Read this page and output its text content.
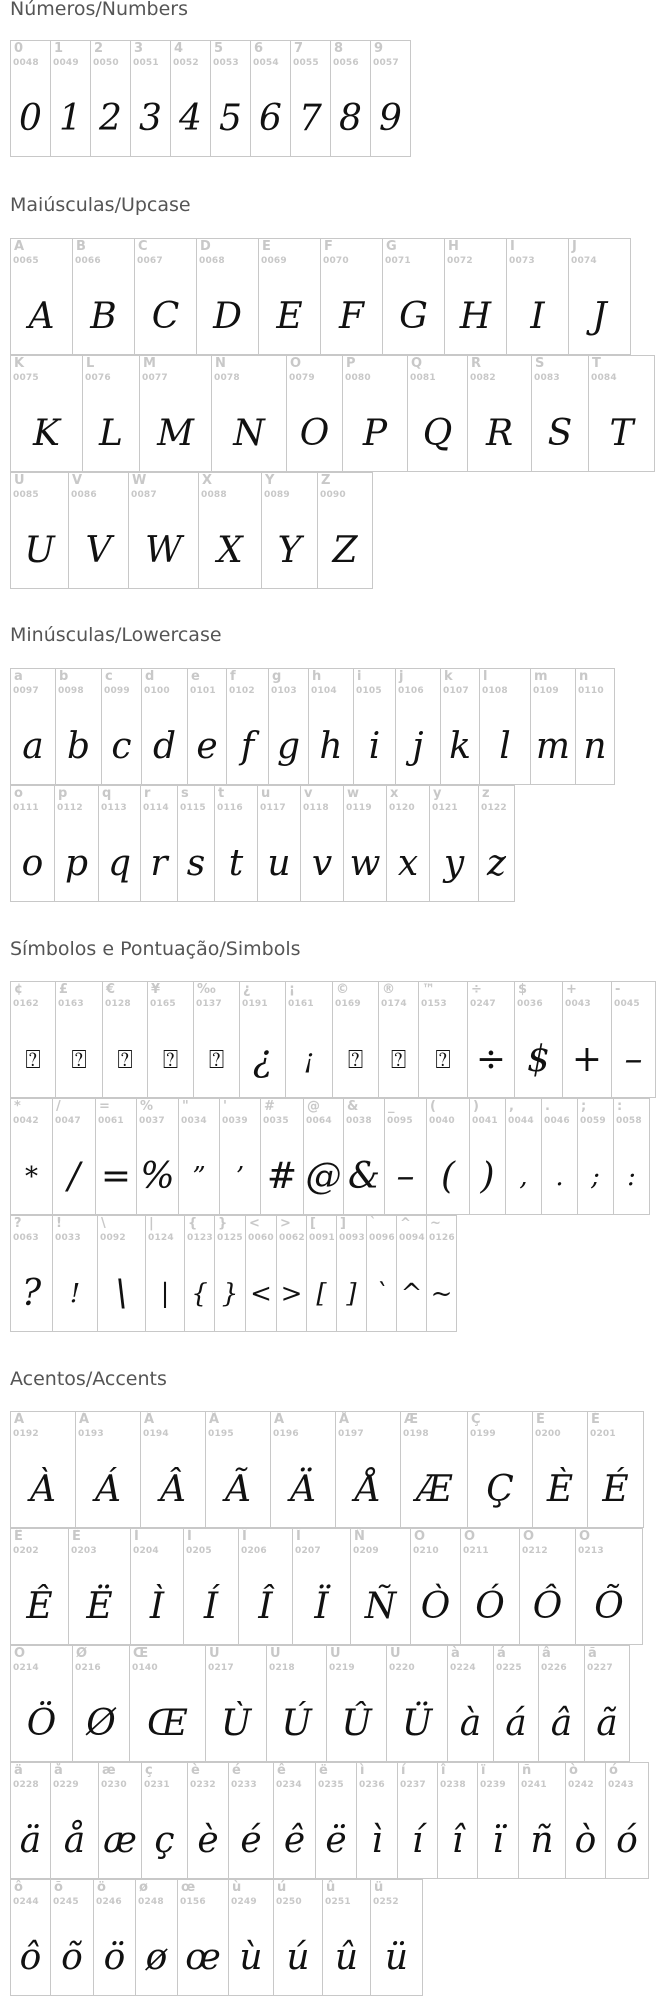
Números/Numbers
0
0048
0
1
0049
1
2
0050
2
3
0051
3
4
0052
4
5
0053
5
6
0054
6
7
0055
7
8
0056
8
9
0057
9
Maiúsculas/Upcase
A
0065
A
B
0066
B
C
0067
C
D
0068
D
E
0069
E
F
0070
F
G
0071
G
H
0072
H
I
0073
I
J
0074
J
K
0075
K
L
0076
L
M
0077
M
N
0078
N
O
0079
O
P
0080
P
Q
0081
Q
R
0082
R
S
0083
S
T
0084
T
U
0085
U
V
0086
V
W
0087
W
X
0088
X
Y
0089
Y
Z
0090
Z
Minúsculas/Lowercase
a
0097
a
b
0098
b
c
0099
c
d
0100
d
e
0101
e
f
0102
f
g
0103
g
h
0104
h
i
0105
i
j
0106
j
k
0107
k
l
0108
l
m
0109
m
n
0110
n
o
0111
o
p
0112
p
q
0113
q
r
0114
r
s
0115
s
t
0116
t
u
0117
u
v
0118
v
w
0119
w
x
0120
x
y
0121
y
z
0122
z
Símbolos e Pontuação/Simbols
¢
0162
⍰
£
0163
⍰
€
0128
⍰
¥
0165
⍰
‰
0137
⍰
¿
0191
¿
¡
0161
¡
©
0169
⍰
®
0174
⍰
™
0153
⍰
÷
0247
÷
$
0036
$
+
0043
+
-
0045
–
*
0042
*
/
0047
/
=
0061
=
%
0037
%
"
0034
”
'
0039
’
#
0035
#
@
0064
@
&
0038
&
_
0095
–
(
0040
(
)
0041
)
,
0044
,
.
0046
.
;
0059
;
:
0058
:
?
0063
?
!
0033
!
\
0092
\
|
0124
|
{
0123
{
}
0125
}
<
0060
<
>
0062
>
[
0091
[
]
0093
]
`
0096
`
^
0094
^
~
0126
~
Acentos/Accents
À
0192
À
Á
0193
Á
Â
0194
Â
Ã
0195
Ã
Ä
0196
Ä
Å
0197
Å
Æ
0198
Æ
Ç
0199
Ç
È
0200
È
É
0201
É
Ê
0202
Ê
Ë
0203
Ë
Ì
0204
Ì
Í
0205
Í
Î
0206
Î
Ï
0207
Ï
Ñ
0209
Ñ
Ò
0210
Ò
Ó
0211
Ó
Ô
0212
Ô
Õ
0213
Õ
Ö
0214
Ö
Ø
0216
Ø
Œ
0140
Œ
Ù
0217
Ù
Ú
0218
Ú
Û
0219
Û
Ü
0220
Ü
à
0224
à
á
0225
á
â
0226
â
ã
0227
ã
ä
0228
ä
å
0229
å
æ
0230
æ
ç
0231
ç
è
0232
è
é
0233
é
ê
0234
ê
ë
0235
ë
ì
0236
ì
í
0237
í
î
0238
î
ï
0239
ï
ñ
0241
ñ
ò
0242
ò
ó
0243
ó
ô
0244
ô
õ
0245
õ
ö
0246
ö
ø
0248
ø
œ
0156
œ
ù
0249
ù
ú
0250
ú
û
0251
û
ü
0252
ü
